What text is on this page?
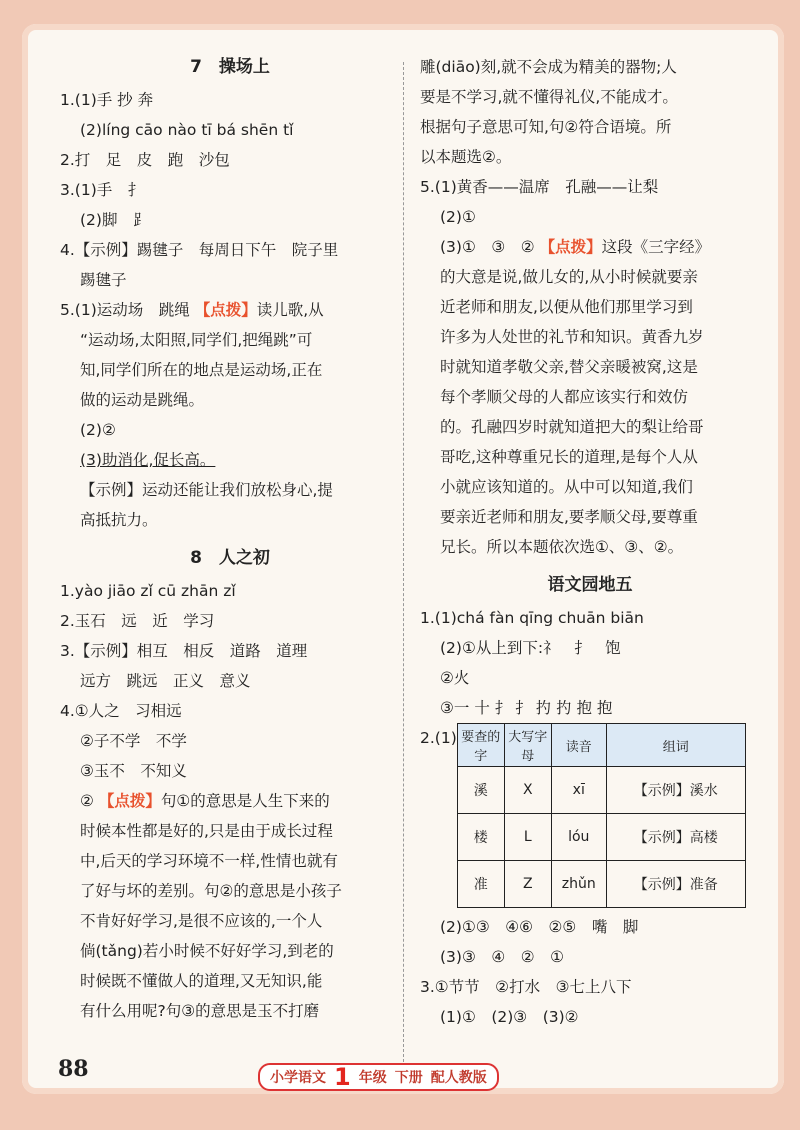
7　操场上
1.(1)手 抄 奔
(2)líng cāo nào tī bá shēn tǐ
2.打　足　皮　跑　沙包
3.(1)手　扌
(2)脚　⻊
4.【示例】踢毽子　每周日下午　院子里
踢毽子
5.(1)运动场　跳绳 【点拨】读儿歌,从
“运动场,太阳照,同学们,把绳跳”可
知,同学们所在的地点是运动场,正在
做的运动是跳绳。
(2)②
(3)助消化,促长高。
【示例】运动还能让我们放松身心,提
高抵抗力。
8　人之初
1.yào jiāo zǐ cū zhān zǐ
2.玉石　远　近　学习
3.【示例】相互　相反　道路　道理
远方　跳远　正义　意义
4.①人之　习相远
②子不学　不学
③玉不　不知义
② 【点拨】句①的意思是人生下来的
时候本性都是好的,只是由于成长过程
中,后天的学习环境不一样,性情也就有
了好与坏的差别。句②的意思是小孩子
不肯好好学习,是很不应该的,一个人
倘(tǎng)若小时候不好好学习,到老的
时候既不懂做人的道理,又无知识,能
有什么用呢?句③的意思是玉不打磨
雕(diāo)刻,就不会成为精美的器物;人
要是不学习,就不懂得礼仪,不能成才。
根据句子意思可知,句②符合语境。所
以本题选②。
5.(1)黄香——温席　孔融——让梨
(2)①
(3)①　③　② 【点拨】这段《三字经》
的大意是说,做儿女的,从小时候就要亲
近老师和朋友,以便从他们那里学习到
许多为人处世的礼节和知识。黄香九岁
时就知道孝敬父亲,替父亲暖被窝,这是
每个孝顺父母的人都应该实行和效仿
的。孔融四岁时就知道把大的梨让给哥
哥吃,这种尊重兄长的道理,是每个人从
小就应该知道的。从中可以知道,我们
要亲近老师和朋友,要孝顺父母,要尊重
兄长。所以本题依次选①、③、②。
语文园地五
1.(1)chá fàn qīng chuān biān
(2)①从上到下:礻　扌　饱
②火
③一 十 扌 扌 扚 扚 抱 抱
2.(1) 要查的字	大写字母	读音	组词
溪	X	xī	【示例】溪水
楼	L	lóu	【示例】高楼
准	Z	zhǔn	【示例】准备
(2)①③　④⑥　②⑤　嘴　脚
(3)③　④　②　①
3.①节节　②打水　③七上八下
(1)①　(2)③　(3)②
88	小学语文 1 年级 下册 配人教版
